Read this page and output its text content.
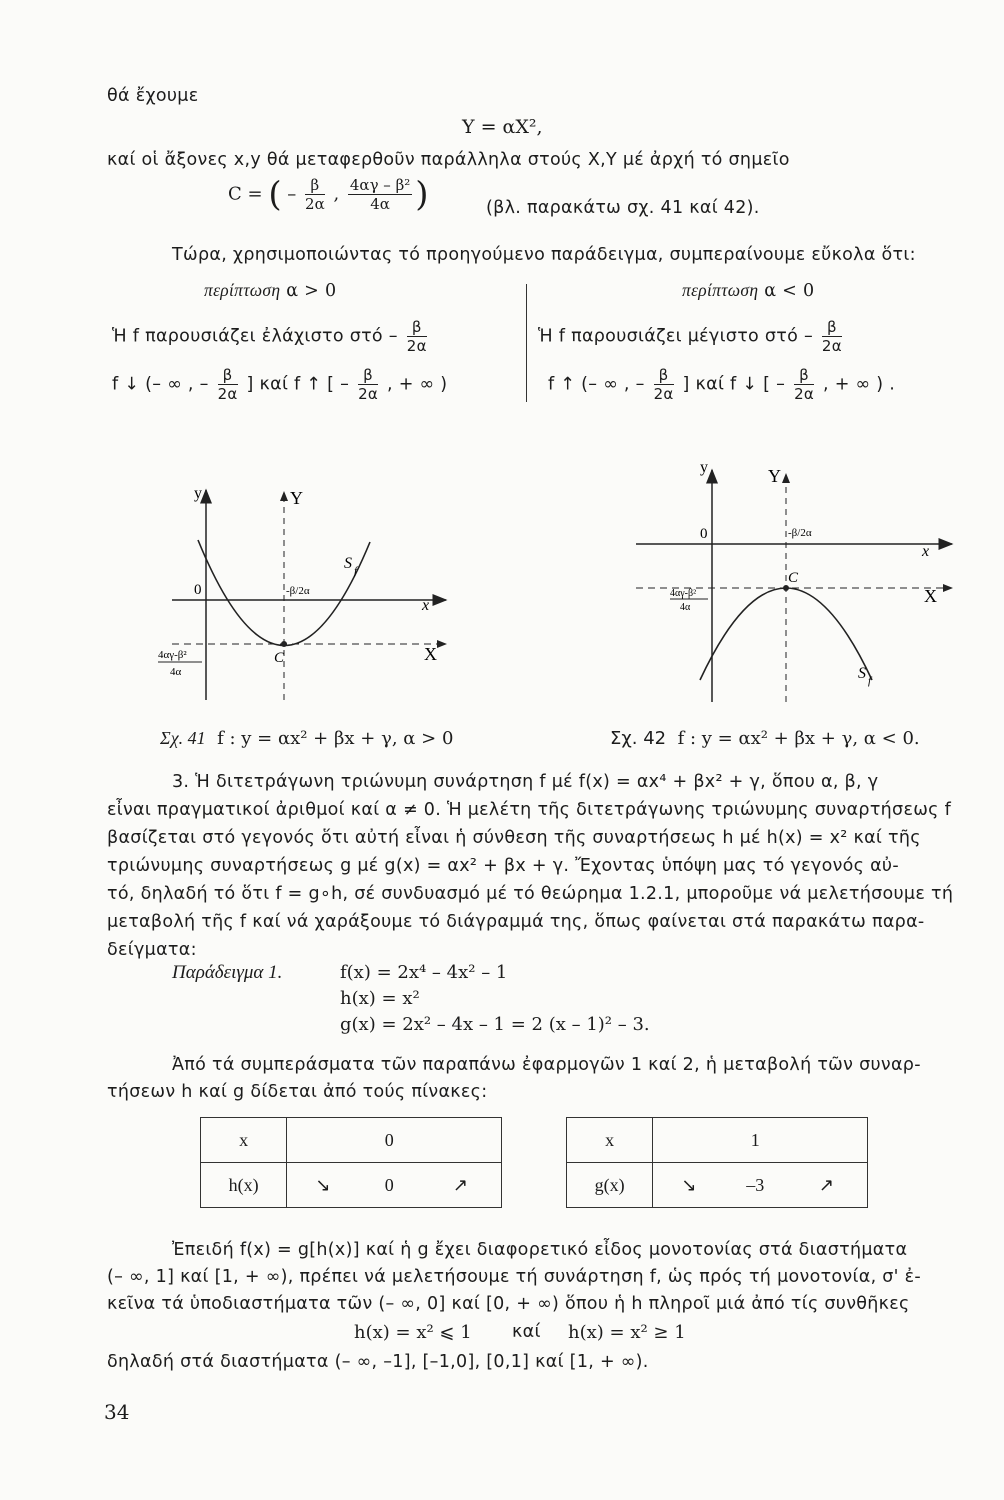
θά ἔχουμε
Y = αX²,
καί οἱ ἄξονες x,y θά μεταφερθοῦν παράλληλα στούς X,Y μέ ἀρχή τό σημεῖο
C = ( – $\frac{\beta}{2\alpha}$ , $\frac{\text{4αγ – β²}}{4\alpha}$ )	(βλ. παρακάτω σχ. 41 καί 42).
Τώρα, χρησιμοποιώντας τό προηγούμενο παράδειγμα, συμπεραίνουμε εὔκολα ὅτι:
περίπτωση α > 0
Ἡ f παρουσιάζει ἐλάχιστο στό – $\frac{\beta}{2\alpha}$
f ↓ (– ∞ , – $\frac{\beta}{2\alpha}$ ] καί f ↑ [ – $\frac{\beta}{2\alpha}$ , + ∞ )
περίπτωση α < 0
Ἡ f παρουσιάζει μέγιστο στό – $\frac{\beta}{2\alpha}$
f ↑ (– ∞ , – $\frac{\beta}{2\alpha}$ ] καί f ↓ [ – $\frac{\beta}{2\alpha}$ , + ∞ ) .
y	Y
x
X
0
C
S f
-β/2α
4αγ-β²
4α
Σχ. 41 f : y = αx² + βx + γ, α > 0
y	Y
x
X
0
C
S f
-β/2α
4αγ-β²
4α
Σχ. 42 f : y = αx² + βx + γ, α < 0.
3. Ἡ διτετράγωνη τριώνυμη συνάρτηση f μέ f(x) = αx⁴ + βx² + γ, ὅπου α, β, γ
εἶναι πραγματικοί ἀριθμοί καί α ≠ 0. Ἡ μελέτη τῆς διτετράγωνης τριώνυμης συναρτήσεως f
βασίζεται στό γεγονός ὅτι αὐτή εἶναι ἡ σύνθεση τῆς συναρτήσεως h μέ h(x) = x² καί τῆς
τριώνυμης συναρτήσεως g μέ g(x) = αx² + βx + γ. Ἔχοντας ὑπόψη μας τό γεγονός αὐ-
τό, δηλαδή τό ὅτι f = g∘h, σέ συνδυασμό μέ τό θεώρημα 1.2.1, μποροῦμε νά μελετήσουμε τή
μεταβολή τῆς f καί νά χαράξουμε τό διάγραμμά της, ὅπως φαίνεται στά παρακάτω παρα-
δείγματα:
Παράδειγμα 1.	f(x) = 2x⁴ – 4x² – 1
h(x) = x²
g(x) = 2x² – 4x – 1 = 2 (x – 1)² – 3.
Ἀπό τά συμπεράσματα τῶν παραπάνω ἐφαρμογῶν 1 καί 2, ἡ μεταβολή τῶν συναρ-
τήσεων h καί g δίδεται ἀπό τούς πίνακες:
x		0	
h(x)	↘	0	↗
x		1	
g(x)	↘	–3	↗
Ἐπειδή f(x) = g[h(x)] καί ἡ g ἔχει διαφορετικό εἶδος μονοτονίας στά διαστήματα
(– ∞, 1] καί [1, + ∞), πρέπει νά μελετήσουμε τή συνάρτηση f, ὡς πρός τή μονοτονία, σ' ἐ-
κεῖνα τά ὑποδιαστήματα τῶν (– ∞, 0] καί [0, + ∞) ὅπου ἡ h πληροῖ μιά ἀπό τίς συνθῆκες
h(x) = x² ⩽ 1 καί h(x) = x² ≥ 1
δηλαδή στά διαστήματα (– ∞, –1], [–1,0], [0,1] καί [1, + ∞).
34
